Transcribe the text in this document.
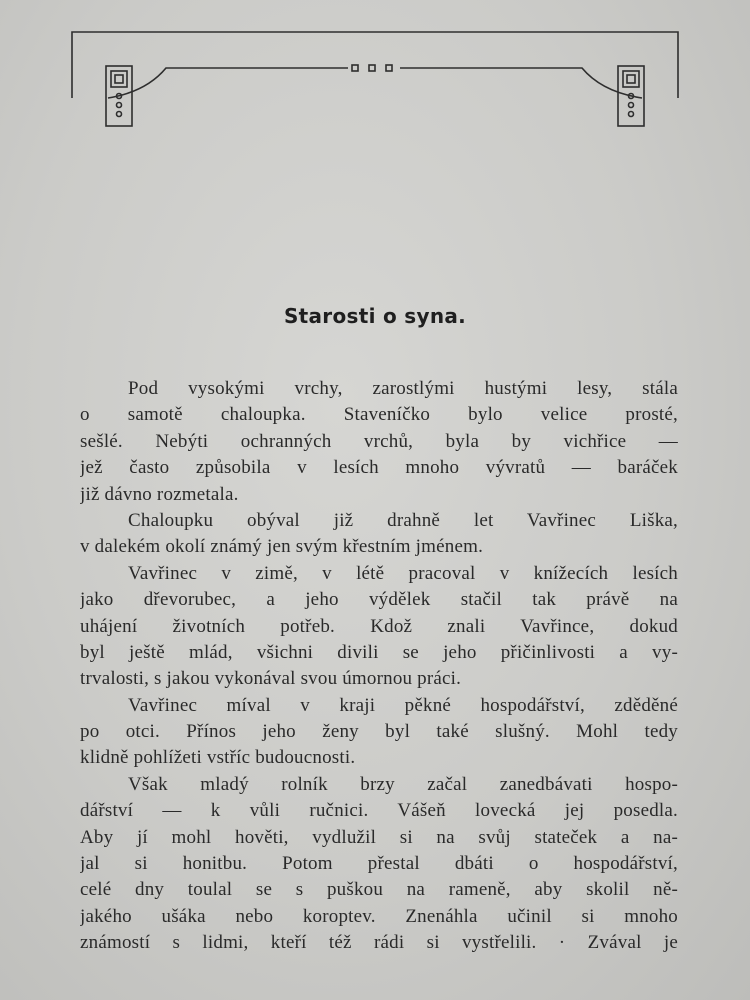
Starosti o syna.
Pod vysokými vrchy, zarostlými hustými lesy, stála
o samotě chaloupka. Staveníčko bylo velice prosté,
sešlé. Nebýti ochranných vrchů, byla by vichřice —
jež často způsobila v lesích mnoho vývratů — baráček
již dávno rozmetala.
Chaloupku obýval již drahně let Vavřinec Liška,
v dalekém okolí známý jen svým křestním jménem.
Vavřinec v zimě, v létě pracoval v knížecích lesích
jako dřevorubec, a jeho výdělek stačil tak právě na
uhájení životních potřeb. Kdož znali Vavřince, dokud
byl ještě mlád, všichni divili se jeho přičinlivosti a vy-
trvalosti, s jakou vykonával svou úmornou práci.
Vavřinec míval v kraji pěkné hospodářství, zděděné
po otci. Přínos jeho ženy byl také slušný. Mohl tedy
klidně pohlížeti vstříc budoucnosti.
Však mladý rolník brzy začal zanedbávati hospo-
dářství — k vůli ručnici. Vášeň lovecká jej posedla.
Aby jí mohl hověti, vydlužil si na svůj stateček a na-
jal si honitbu. Potom přestal dbáti o hospodářství,
celé dny toulal se s puškou na rameně, aby skolil ně-
jakého ušáka nebo koroptev. Znenáhla učinil si mnoho
známostí s lidmi, kteří též rádi si vystřelili. · Zvával je
